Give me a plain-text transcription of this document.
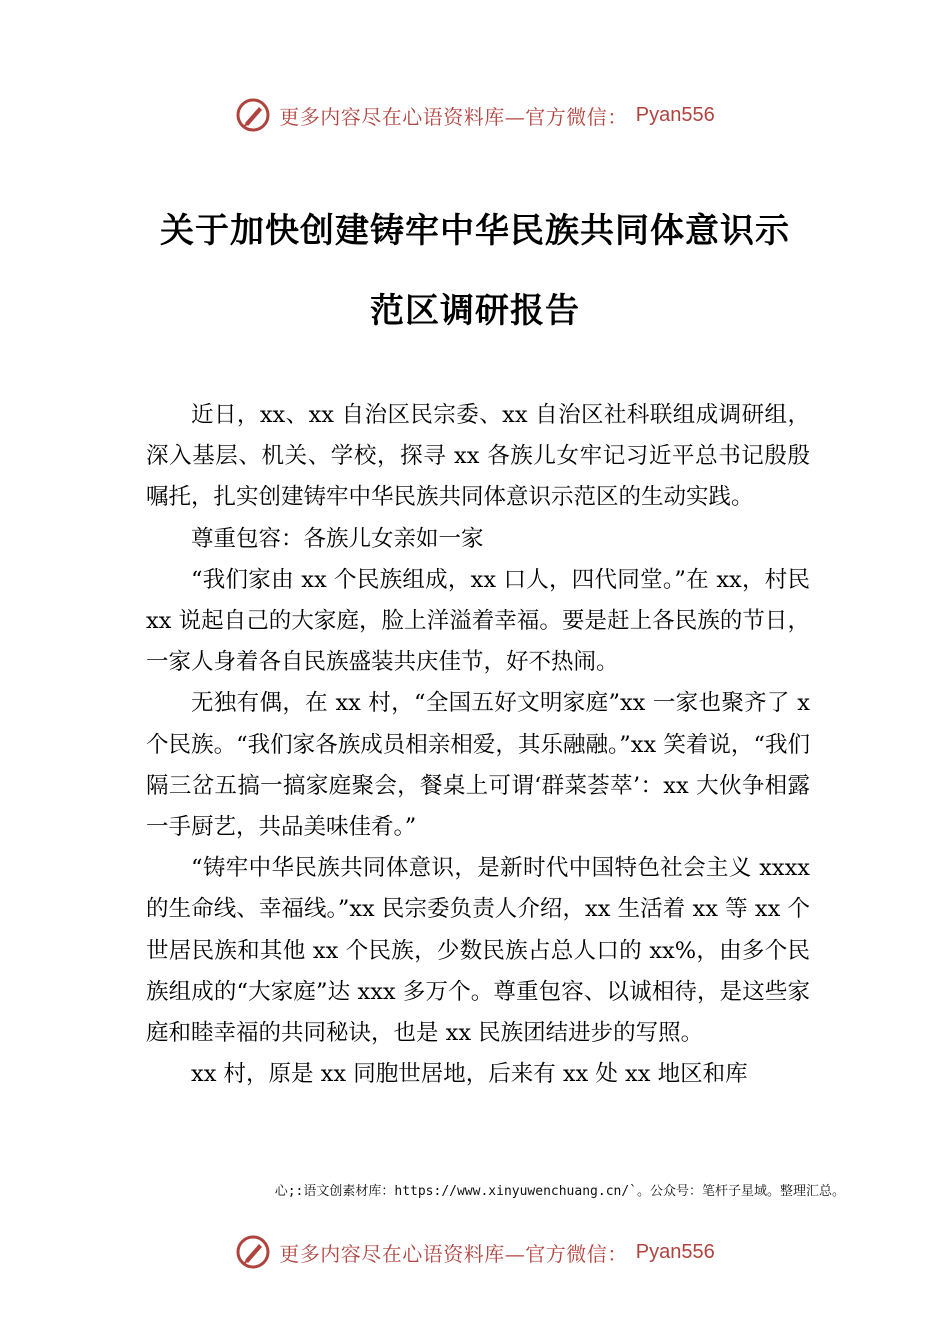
更多内容尽在心语资料库—官方微信： Pyan556
关于加快创建铸牢中华民族共同体意识示
范区调研报告

近日，xx、xx 自治区民宗委、xx 自治区社科联组成调研组，深入基层、机关、学校，探寻 xx 各族儿女牢记习近平总书记殷殷嘱托，扎实创建铸牢中华民族共同体意识示范区的生动实践。

尊重包容：各族儿女亲如一家

“我们家由 xx 个民族组成，xx 口人，四代同堂。”在 xx，村民 xx 说起自己的大家庭，脸上洋溢着幸福。要是赶上各民族的节日，一家人身着各自民族盛装共庆佳节，好不热闹。

无独有偶，在 xx 村，“全国五好文明家庭”xx 一家也聚齐了 x 个民族。“我们家各族成员相亲相爱，其乐融融。”xx 笑着说，“我们隔三岔五搞一搞家庭聚会，餐桌上可谓‘群菜荟萃’：xx 大伙争相露一手厨艺，共品美味佳肴。”

“铸牢中华民族共同体意识，是新时代中国特色社会主义 xxxx 的生命线、幸福线。”xx 民宗委负责人介绍，xx 生活着 xx 等 xx 个世居民族和其他 xx 个民族，少数民族占总人口的 xx%，由多个民族组成的“大家庭”达 xxx 多万个。尊重包容、以诚相待，是这些家庭和睦幸福的共同秘诀，也是 xx 民族团结进步的写照。

xx 村，原是 xx 同胞世居地，后来有 xx 处 xx 地区和库

心;:语文创素材库：https://www.xinyuwenchuang.cn/`。公众号：笔杆子星域。整理汇总。
更多内容尽在心语资料库—官方微信： Pyan556
